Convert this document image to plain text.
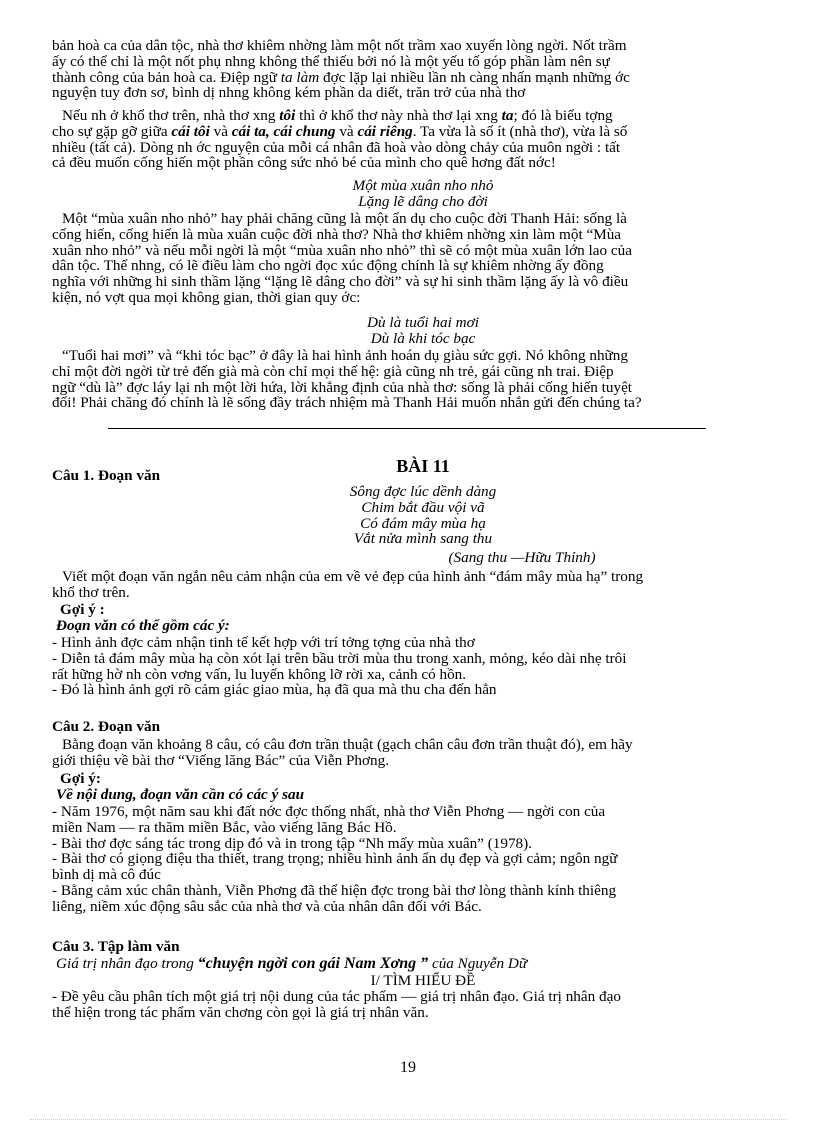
bản hoà ca của dân tộc, nhà thơ khiêm nhờng làm một nốt trầm xao xuyến lòng ngời. Nốt trầm
ấy có thể chỉ là một nốt phụ nhng không thể thiếu bởi nó là một yếu tố góp phần làm nên sự
thành công của bản hoà ca. Điệp ngữ ta làm đợc lặp lại nhiều lần nh càng nhấn mạnh những ớc
nguyện tuy đơn sơ, bình dị nhng không kém phần da diết, trăn trở của nhà thơ
Nếu nh ở khổ thơ trên, nhà thơ xng tôi thì ở khổ thơ này nhà thơ lại xng ta; đó là biểu tợng
cho sự gặp gỡ giữa cái tôi và cái ta, cái chung và cái riêng. Ta vừa là số ít (nhà thơ), vừa là số
nhiều (tất cả). Dòng nh ớc nguyện của mỗi cá nhân đã hoà vào dòng chảy của muôn ngời : tất
cả đều muốn cống hiến một phần công sức nhỏ bé của mình cho quê hơng đất nớc!
Một mùa xuân nho nhỏ
Lặng lẽ dâng cho đời
Một “mùa xuân nho nhỏ” hay phải chăng cũng là một ẩn dụ cho cuộc đời Thanh Hải: sống là
cống hiến, cống hiến là mùa xuân cuộc đời nhà thơ? Nhà thơ khiêm nhờng xin làm một “Mùa
xuân nho nhỏ” và nếu mỗi ngời là một “mùa xuân nho nhỏ” thì sẽ có một mùa xuân lớn lao của
dân tộc. Thế nhng, có lẽ điều làm cho ngời đọc xúc động chính là sự khiêm nhờng ấy đồng
nghĩa với những hi sinh thầm lặng “lặng lẽ dâng cho đời” và sự hi sinh thầm lặng ấy là vô điều
kiện, nó vợt qua mọi không gian, thời gian quy ớc:
Dù là tuổi hai mơi
Dù là khi tóc bạc
“Tuổi hai mơi” và “khi tóc bạc” ở đây là hai hình ảnh hoán dụ giàu sức gợi. Nó không những
chỉ một đời ngời từ trẻ đến già mà còn chỉ mọi thế hệ: già cũng nh trẻ, gái cũng nh trai. Điệp
ngữ “dù là” đợc láy lại nh một lời hứa, lời khẳng định của nhà thơ: sống là phải cống hiến tuyệt
đối! Phải chăng đó chính là lẽ sống đầy trách nhiệm mà Thanh Hải muốn nhắn gửi đến chúng ta?
BÀI 11
Câu 1. Đoạn văn
Sông đợc lúc dềnh dàng
Chim bắt đầu vội vã
Có đám mây mùa hạ
Vắt nửa mình sang thu
(Sang thu —Hữu Thỉnh)
Viết một đoạn văn ngắn nêu cảm nhận của em về vẻ đẹp của hình ảnh “đám mây mùa hạ” trong
khổ thơ trên.
Gợi ý :
Đoạn văn có thể gồm các ý:
- Hình ảnh đợc cảm nhận tinh tế kết hợp với trí tởng tợng của nhà thơ
- Diễn tả đám mây mùa hạ còn xót lại trên bầu trời mùa thu trong xanh, mỏng, kéo dài nhẹ trôi
rất hững hờ nh còn vơng vấn, lu luyến không lỡ rời xa, cảnh có hồn.
- Đó là hình ảnh gợi rõ cảm giác giao mùa, hạ đã qua mà thu cha đến hẳn
Câu 2. Đoạn văn
Bằng đoạn văn khoảng 8 câu, có câu đơn trần thuật (gạch chân câu đơn trần thuật đó), em hãy
giới thiệu về bài thơ “Viếng lăng Bác” của Viễn Phơng.
Gợi ý:
Về nội dung, đoạn văn cần có các ý sau
- Năm 1976, một năm sau khi đất nớc đợc thống nhất, nhà thơ Viễn Phơng — ngời con của
miền Nam — ra thăm miền Bắc, vào viếng lăng Bác Hồ.
- Bài thơ đợc sáng tác trong dịp đó và in trong tập “Nh mấy mùa xuân” (1978).
- Bài thơ có giọng điệu tha thiết, trang trọng; nhiều hình ảnh ẩn dụ đẹp và gợi cảm; ngôn ngữ
bình dị mà cô đúc
- Bằng cảm xúc chân thành, Viễn Phơng đã thể hiện đợc trong bài thơ lòng thành kính thiêng
liêng, niềm xúc động sâu sắc của nhà thơ và của nhân dân đối với Bác.
Câu 3. Tập làm văn
Giá trị nhân đạo trong “chuyện ngời con gái Nam Xơng ” của Nguyễn Dữ
I/ TÌM HIỂU ĐỀ
- Đề yêu cầu phân tích một giá trị nội dung của tác phẩm — giá trị nhân đạo. Giá trị nhân đạo
thể hiện trong tác phẩm văn chơng còn gọi là giá trị nhân văn.
19
